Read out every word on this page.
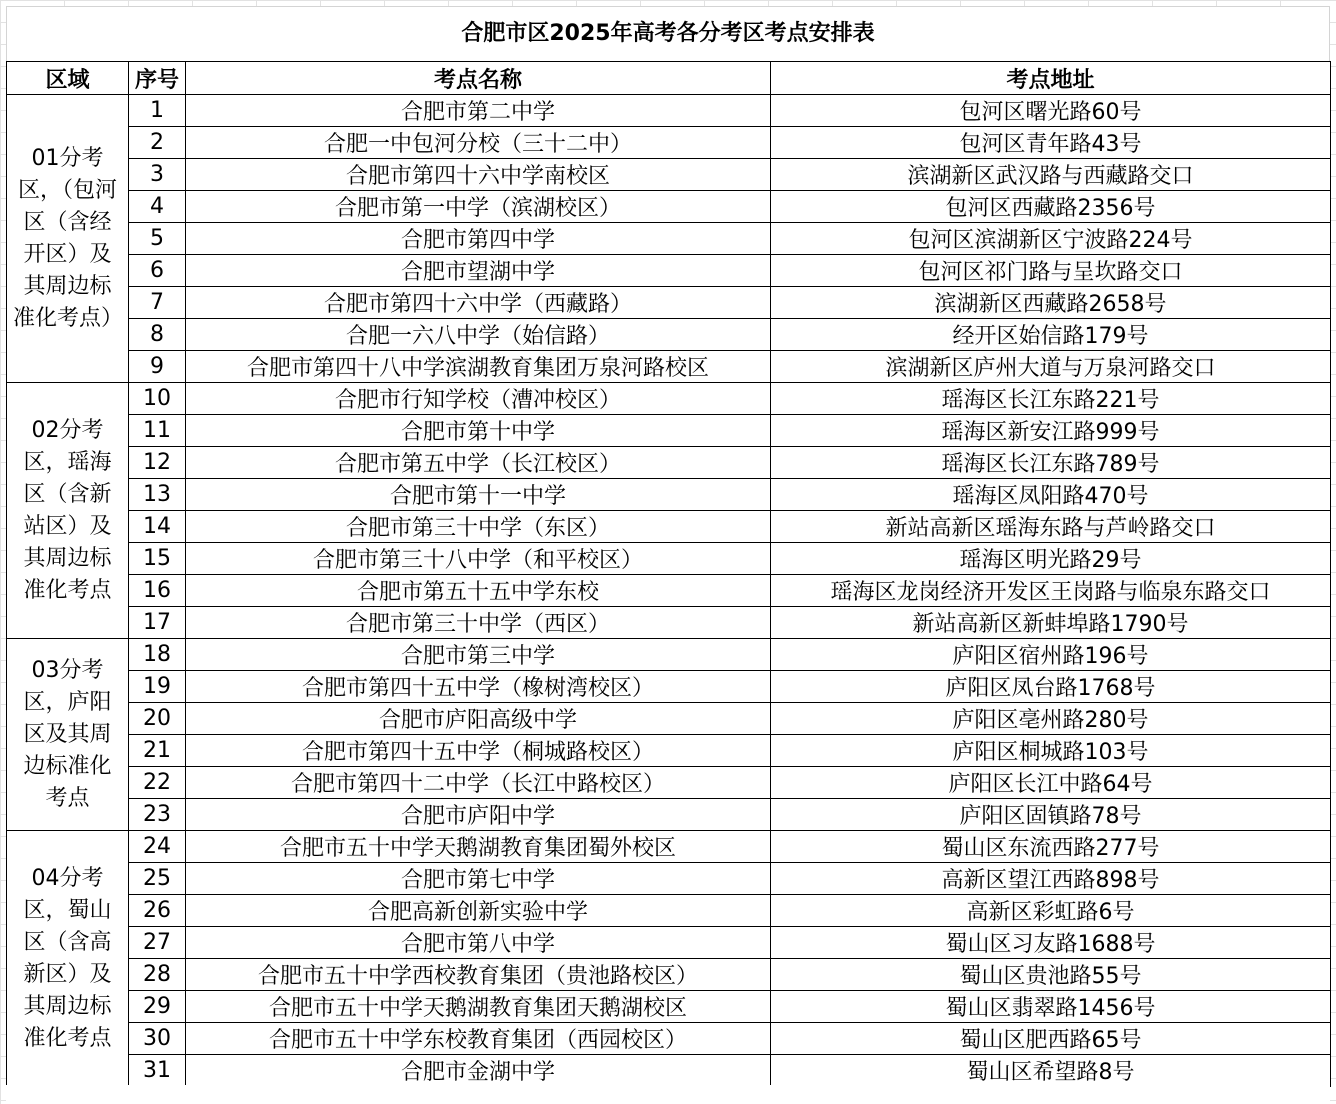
合肥市区2025年高考各分考区考点安排表
区域	序号	考点名称	考点地址
01分考区，（包河区（含经开区）及其周边标准化考点）	1	合肥市第二中学	包河区曙光路60号
	2	合肥一中包河分校（三十二中）	包河区青年路43号
	3	合肥市第四十六中学南校区	滨湖新区武汉路与西藏路交口
	4	合肥市第一中学（滨湖校区）	包河区西藏路2356号
	5	合肥市第四中学	包河区滨湖新区宁波路224号
	6	合肥市望湖中学	包河区祁门路与呈坎路交口
	7	合肥市第四十六中学（西藏路）	滨湖新区西藏路2658号
	8	合肥一六八中学（始信路）	经开区始信路179号
	9	合肥市第四十八中学滨湖教育集团万泉河路校区	滨湖新区庐州大道与万泉河路交口
02分考区，瑶海区（含新站区）及其周边标准化考点	10	合肥市行知学校（漕冲校区）	瑶海区长江东路221号
	11	合肥市第十中学	瑶海区新安江路999号
	12	合肥市第五中学（长江校区）	瑶海区长江东路789号
	13	合肥市第十一中学	瑶海区凤阳路470号
	14	合肥市第三十中学（东区）	新站高新区瑶海东路与芦岭路交口
	15	合肥市第三十八中学（和平校区）	瑶海区明光路29号
	16	合肥市第五十五中学东校	瑶海区龙岗经济开发区王岗路与临泉东路交口
	17	合肥市第三十中学（西区）	新站高新区新蚌埠路1790号
03分考区，庐阳区及其周边标准化考点	18	合肥市第三中学	庐阳区宿州路196号
	19	合肥市第四十五中学（橡树湾校区）	庐阳区凤台路1768号
	20	合肥市庐阳高级中学	庐阳区亳州路280号
	21	合肥市第四十五中学（桐城路校区）	庐阳区桐城路103号
	22	合肥市第四十二中学（长江中路校区）	庐阳区长江中路64号
	23	合肥市庐阳中学	庐阳区固镇路78号
04分考区，蜀山区（含高新区）及其周边标准化考点	24	合肥市五十中学天鹅湖教育集团蜀外校区	蜀山区东流西路277号
	25	合肥市第七中学	高新区望江西路898号
	26	合肥高新创新实验中学	高新区彩虹路6号
	27	合肥市第八中学	蜀山区习友路1688号
	28	合肥市五十中学西校教育集团（贵池路校区）	蜀山区贵池路55号
	29	合肥市五十中学天鹅湖教育集团天鹅湖校区	蜀山区翡翠路1456号
	30	合肥市五十中学东校教育集团（西园校区）	蜀山区肥西路65号
	31	合肥市金湖中学	蜀山区希望路8号
